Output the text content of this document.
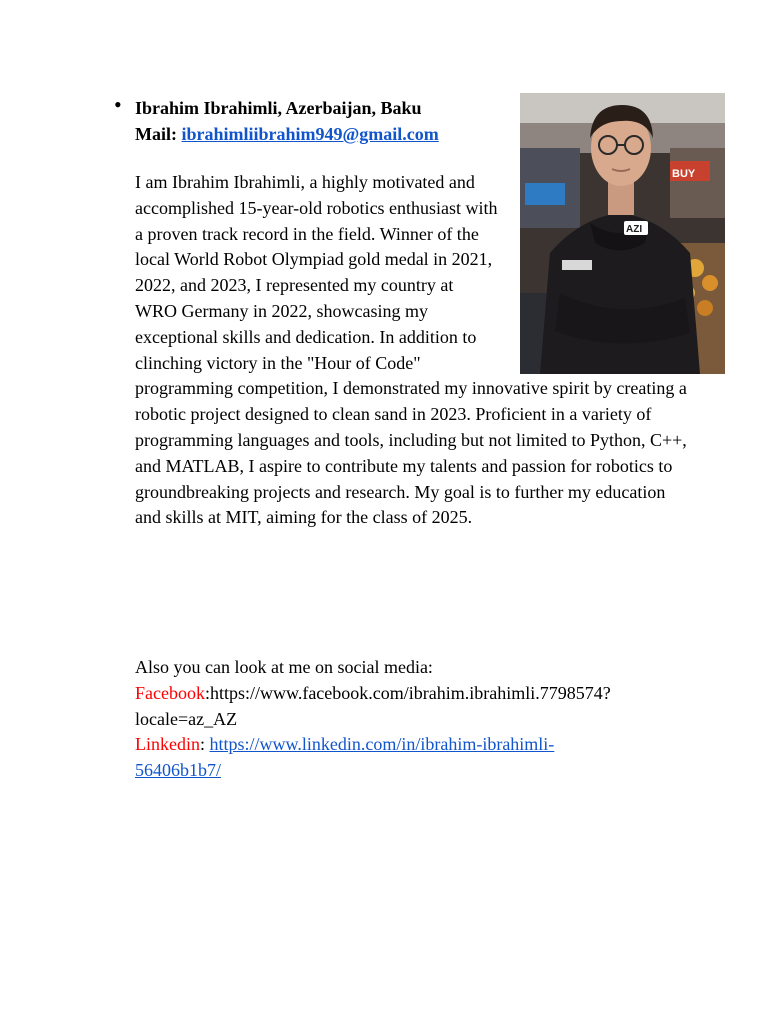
• Ibrahim Ibrahimli, Azerbaijan, Baku
Mail: ibrahimliibrahim949@gmail.com
BUY
AZI

I am Ibrahim Ibrahimli, a highly motivated and accomplished 15-year-old robotics enthusiast with a proven track record in the field. Winner of the local World Robot Olympiad gold medal in 2021, 2022, and 2023, I represented my country at WRO Germany in 2022, showcasing my exceptional skills and dedication. In addition to clinching victory in the "Hour of Code" programming competition, I demonstrated my innovative spirit by creating a robotic project designed to clean sand in 2023. Proficient in a variety of programming languages and tools, including but not limited to Python, C++, and MATLAB, I aspire to contribute my talents and passion for robotics to groundbreaking projects and research. My goal is to further my education and skills at MIT, aiming for the class of 2025.

Also you can look at me on social media:
Facebook:https://www.facebook.com/ibrahim.ibrahimli.7798574?
locale=az_AZ
Linkedin: https://www.linkedin.com/in/ibrahim-ibrahimli-
56406b1b7/
